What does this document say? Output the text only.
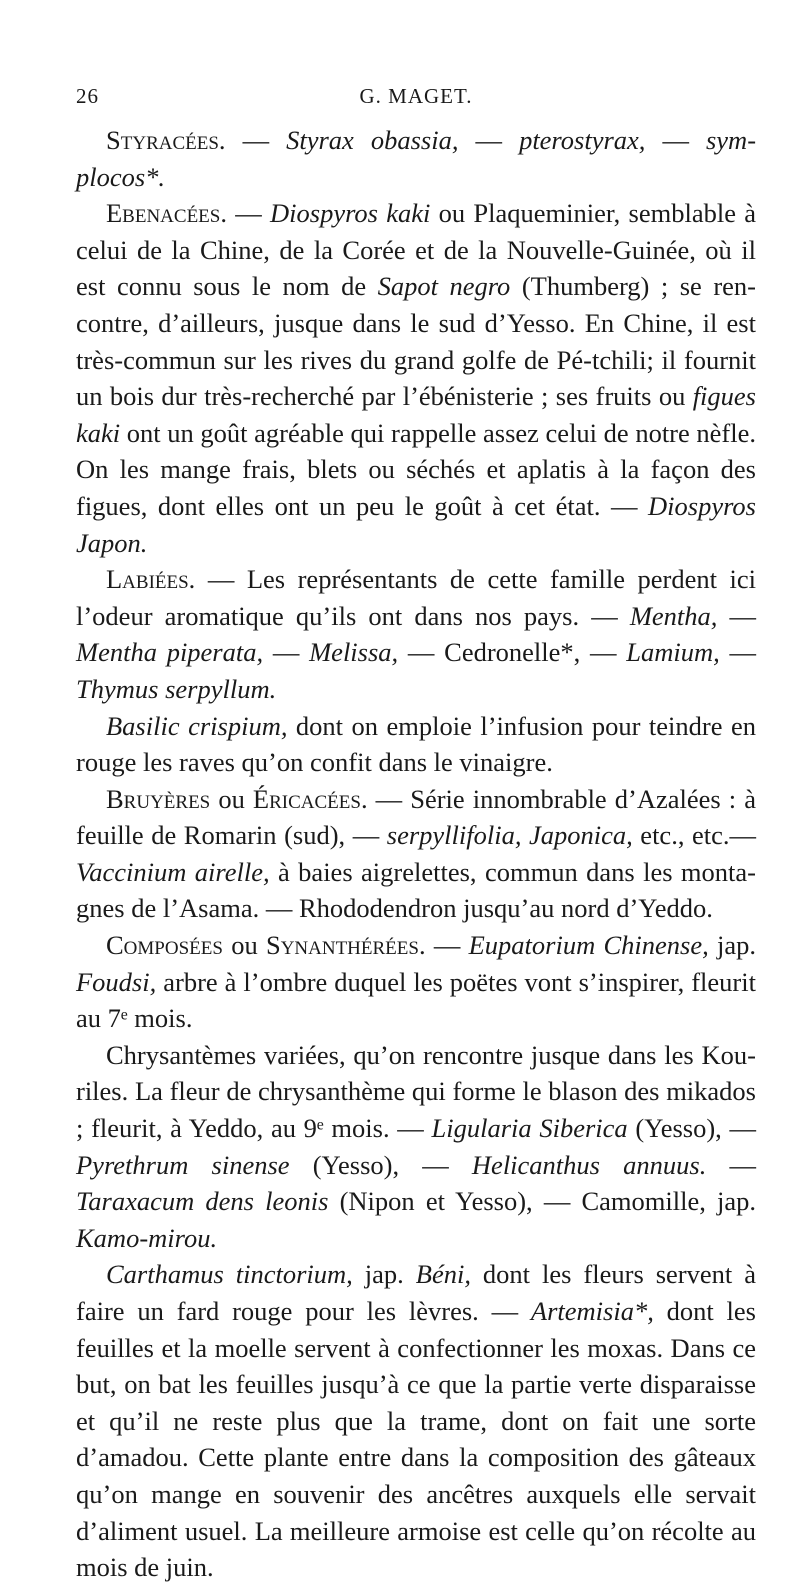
26	G. MAGET.

Styracées. — Styrax obassia, — pterostyrax, — symplocos*.

Ebenacées. — Diospyros kaki ou Plaqueminier, semblable à celui de la Chine, de la Corée et de la Nouvelle-Guinée, où il est connu sous le nom de Sapot negro (Thumberg) ; se rencontre, d’ailleurs, jusque dans le sud d’Yesso. En Chine, il est très-commun sur les rives du grand golfe de Pé-tchili; il fournit un bois dur très-recherché par l’ébénisterie ; ses fruits ou figues kaki ont un goût agréable qui rappelle assez celui de notre nèfle. On les mange frais, blets ou séchés et aplatis à la façon des figues, dont elles ont un peu le goût à cet état. — Diospyros Japon.

Labiées. — Les représentants de cette famille perdent ici l’odeur aromatique qu’ils ont dans nos pays. — Mentha, — Mentha piperata, — Melissa, — Cedronelle*, — Lamium, — Thymus serpyllum.

Basilic crispium, dont on emploie l’infusion pour teindre en rouge les raves qu’on confit dans le vinaigre.

Bruyères ou Éricacées. — Série innombrable d’Azalées : à feuille de Romarin (sud), — serpyllifolia, Japonica, etc., etc.— Vaccinium airelle, à baies aigrelettes, commun dans les montagnes de l’Asama. — Rhododendron jusqu’au nord d’Yeddo.

Composées ou Synanthérées. — Eupatorium Chinense, jap. Foudsi, arbre à l’ombre duquel les poëtes vont s’inspirer, fleurit au 7ᵉ mois.

Chrysantèmes variées, qu’on rencontre jusque dans les Kouriles. La fleur de chrysanthème qui forme le blason des mikados ; fleurit, à Yeddo, au 9ᵉ mois. — Ligularia Siberica (Yesso), — Pyrethrum sinense (Yesso), — Helicanthus annuus. — Taraxacum dens leonis (Nipon et Yesso), — Camomille, jap. Kamo-mirou.

Carthamus tinctorium, jap. Béni, dont les fleurs servent à faire un fard rouge pour les lèvres. — Artemisia*, dont les feuilles et la moelle servent à confectionner les moxas. Dans ce but, on bat les feuilles jusqu’à ce que la partie verte disparaisse et qu’il ne reste plus que la trame, dont on fait une sorte d’amadou. Cette plante entre dans la composition des gâteaux qu’on mange en souvenir des ancêtres auxquels elle servait d’aliment usuel. La meilleure armoise est celle qu’on récolte au mois de juin.
